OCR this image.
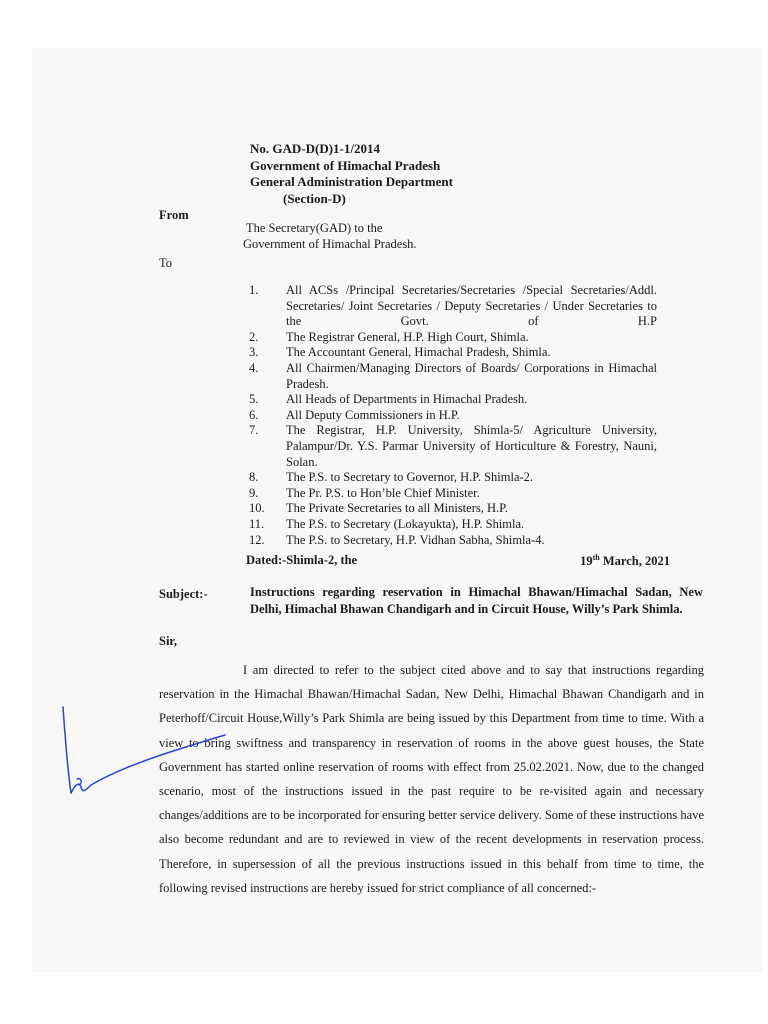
No. GAD-D(D)1-1/2014
Government of Himachal Pradesh
General Administration Department
(Section-D)
From
The Secretary(GAD) to the
Government of Himachal Pradesh.
To
1. All ACSs /Principal Secretaries/Secretaries /Special Secretaries/Addl. Secretaries/ Joint Secretaries / Deputy Secretaries / Under Secretaries to the Govt. of H.P
2. The Registrar General, H.P. High Court, Shimla.
3. The Accountant General, Himachal Pradesh, Shimla.
4. All Chairmen/Managing Directors of Boards/ Corporations in Himachal Pradesh.
5. All Heads of Departments in Himachal Pradesh.
6. All Deputy Commissioners in H.P.
7. The Registrar, H.P. University, Shimla-5/ Agriculture University, Palampur/Dr. Y.S. Parmar University of Horticulture & Forestry, Nauni, Solan.
8. The P.S. to Secretary to Governor, H.P. Shimla-2.
9. The Pr. P.S. to Hon’ble Chief Minister.
10. The Private Secretaries to all Ministers, H.P.
11. The P.S. to Secretary (Lokayukta), H.P. Shimla.
12. The P.S. to Secretary, H.P. Vidhan Sabha, Shimla-4.
Dated:-Shimla-2, the	19th March, 2021
Subject:-	Instructions regarding reservation in Himachal Bhawan/Himachal Sadan, New Delhi, Himachal Bhawan Chandigarh and in Circuit House, Willy’s Park Shimla.
Sir,

I am directed to refer to the subject cited above and to say that instructions regarding reservation in the Himachal Bhawan/Himachal Sadan, New Delhi, Himachal Bhawan Chandigarh and in Peterhoff/Circuit House,Willy’s Park Shimla are being issued by this Department from time to time. With a view to bring swiftness and transparency in reservation of rooms in the above guest houses, the State Government has started online reservation of rooms with effect from 25.02.2021. Now, due to the changed scenario, most of the instructions issued in the past require to be re-visited again and necessary changes/additions are to be incorporated for ensuring better service delivery. Some of these instructions have also become redundant and are to reviewed in view of the recent developments in reservation process. Therefore, in supersession of all the previous instructions issued in this behalf from time to time, the following revised instructions are hereby issued for strict compliance of all concerned:-
